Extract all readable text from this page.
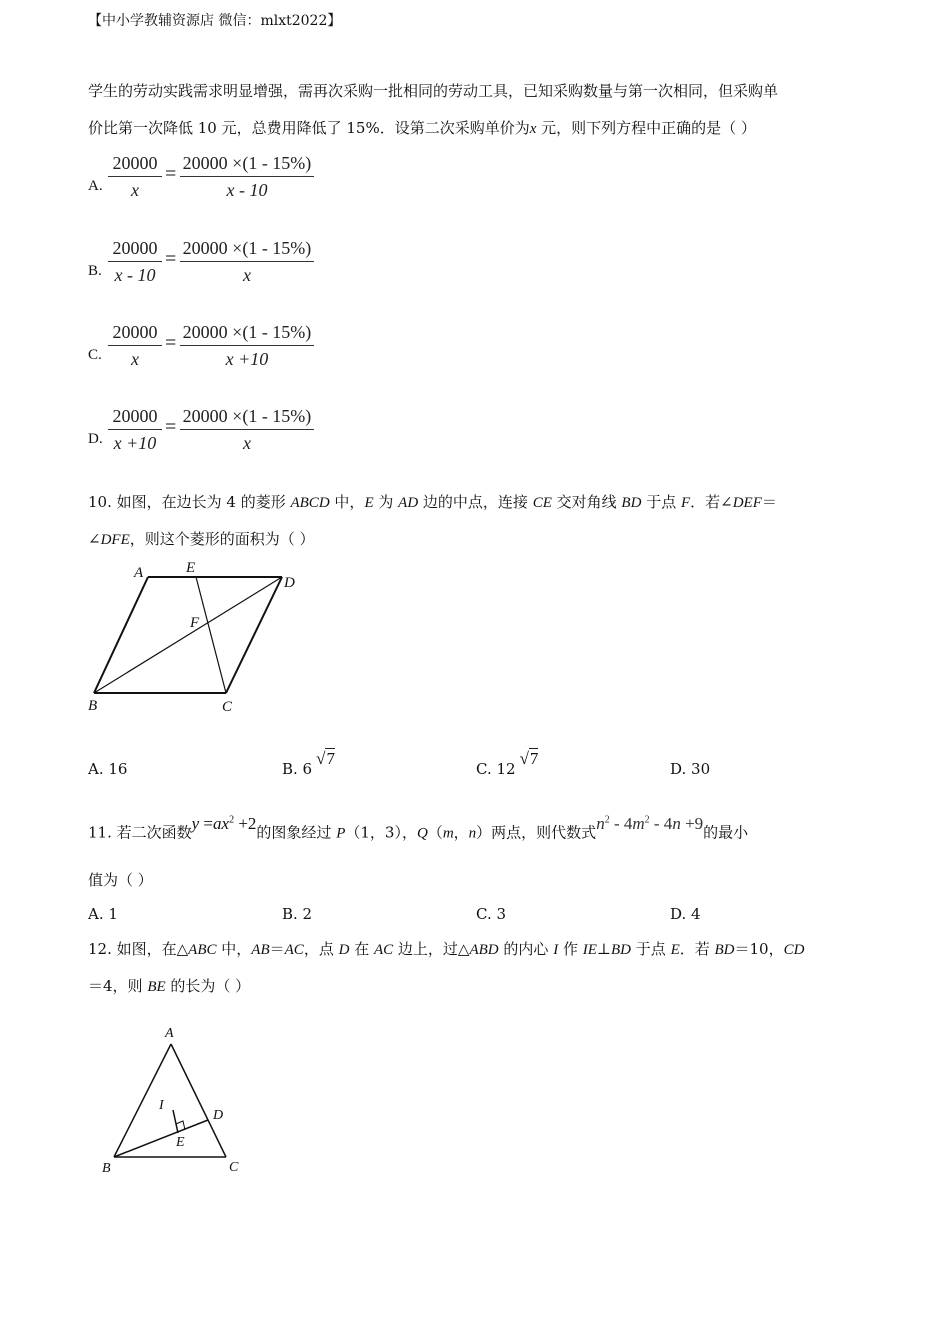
【中小学教辅资源店 微信：mlxt2022】
学生的劳动实践需求明显增强，需再次采购一批相同的劳动工具，已知采购数量与第一次相同，但采购单
价比第一次降低 10 元，总费用降低了 15%．设第二次采购单价为x 元，则下列方程中正确的是（ ）
A. $\frac{20000}{x} = \frac{20000 \times(1 - 15\%)}{x - 10}$
B. $\frac{20000}{x - 10} = \frac{20000 \times(1 - 15\%)}{x}$
C. $\frac{20000}{x} = \frac{20000 \times(1 - 15\%)}{x +10}$
D. $\frac{20000}{x +10} = \frac{20000 \times(1 - 15\%)}{x}$
10. 如图，在边长为 4 的菱形 ABCD 中，E 为 AD 边的中点，连接 CE 交对角线 BD 于点 F．若∠DEF＝
∠DFE，则这个菱形的面积为（ ）
A	E
D
F
B	C
A. 16	B. 6√7
C. 12√7
D. 30
11. 若二次函数$y =ax^2 +2$的图象经过 P（1，3），Q（m，n）两点，则代数式$n^2 - 4m^2 - 4n +9$的最小
值为（ ）
A. 1	B. 2	C. 3	D. 4
12. 如图，在△ABC 中，AB＝AC，点 D 在 AC 边上，过△ABD 的内心 I 作 IE⊥BD 于点 E．若 BD＝10，CD
＝4，则 BE 的长为（ ）
A
I
D
E
B	C
